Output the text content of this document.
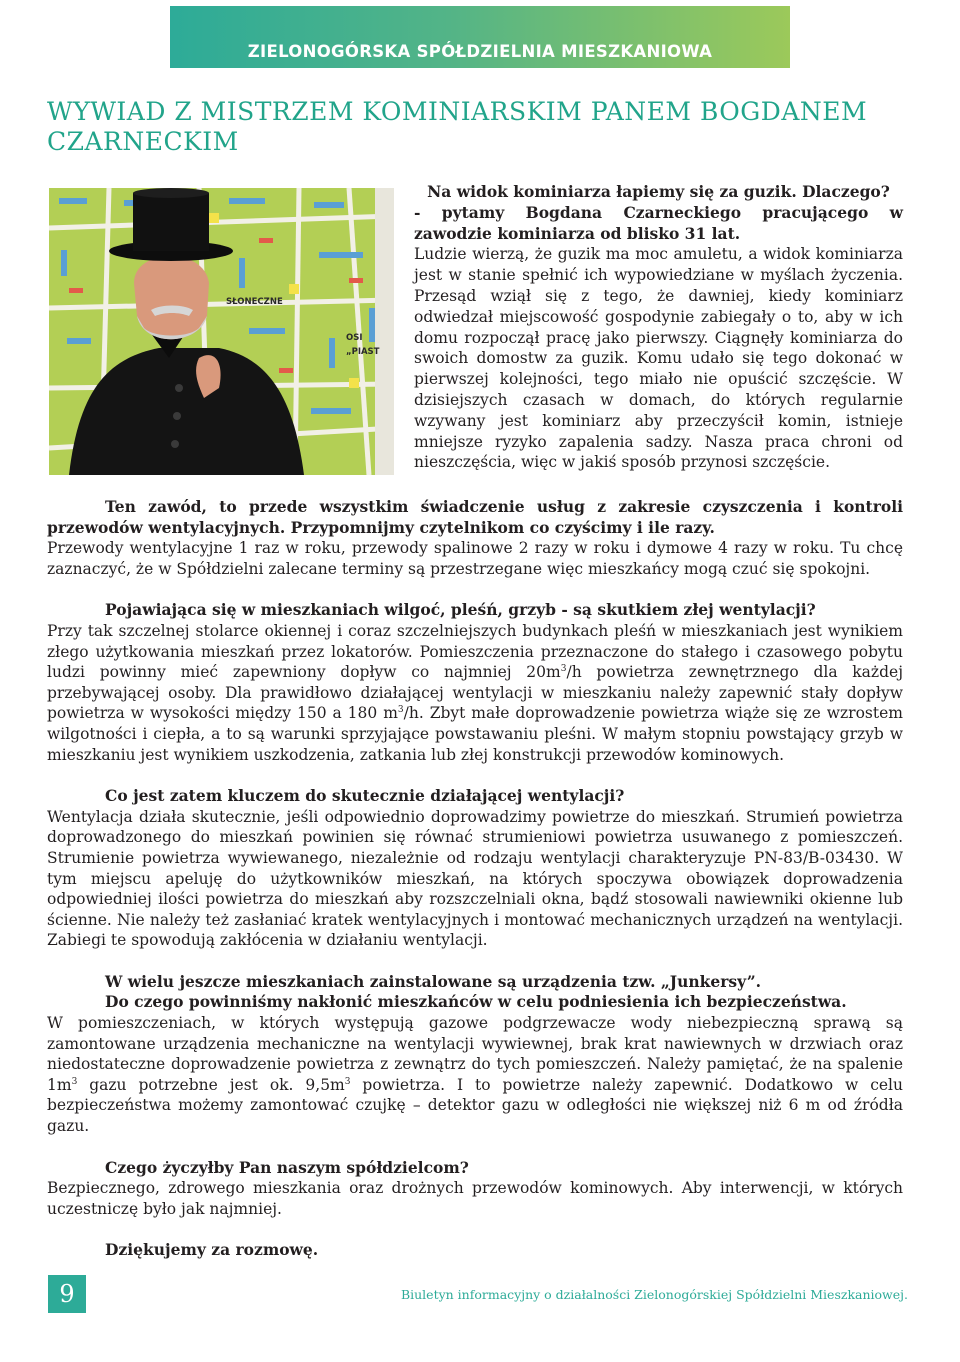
ZIELONOGÓRSKA SPÓŁDZIELNIA MIESZKANIOWA
WYWIAD Z MISTRZEM KOMINIARSKIM PANEM BOGDANEM CZARNECKIM
SŁONECZNE
OSI
„PIAST

Na widok kominiarza łapiemy się za guzik. Dlaczego?

- pytamy Bogdana Czarneckiego pracującego w zawodzie kominiarza od blisko 31 lat.

Ludzie wierzą, że guzik ma moc amuletu, a widok kominiarza jest w stanie spełnić ich wypowiedziane w myślach życzenia. Przesąd wziął się z tego, że dawniej, kiedy kominiarz odwiedzał miejscowość gospodynie zabiegały o to, aby w ich domu rozpoczął pracę jako pierwszy. Ciągnęły kominiarza do swoich domostw za guzik. Komu udało się tego dokonać w pierwszej kolejności, tego miało nie opuścić szczęście. W dzisiejszych czasach w domach, do których regularnie wzywany jest kominiarz aby przeczyścił komin, istnieje mniejsze ryzyko zapalenia sadzy. Nasza praca chroni od nieszczęścia, więc w jakiś sposób przynosi szczęście.

Ten zawód, to przede wszystkim świadczenie usług z zakresie czyszczenia i kontroli przewodów wentylacyjnych. Przypomnijmy czytelnikom co czyścimy i ile razy.

Przewody wentylacyjne 1 raz w roku, przewody spalinowe 2 razy w roku i dymowe 4 razy w roku. Tu chcę zaznaczyć, że w Spółdzielni zalecane terminy są przestrzegane więc mieszkańcy mogą czuć się spokojni.

Pojawiająca się w mieszkaniach wilgoć, pleśń, grzyb - są skutkiem złej wentylacji?

Przy tak szczelnej stolarce okiennej i coraz szczelniejszych budynkach pleśń w mieszkaniach jest wynikiem złego użytkowania mieszkań przez lokatorów. Pomieszczenia przeznaczone do stałego i czasowego pobytu ludzi powinny mieć zapewniony dopływ co najmniej $20m^3/h$ powietrza zewnętrznego dla każdej przebywającej osoby. Dla prawidłowo działającej wentylacji w mieszkaniu należy zapewnić stały dopływ powietrza w wysokości między 150 a 180 $m^3/h$. Zbyt małe doprowadzenie powietrza wiąże się ze wzrostem wilgotności i ciepła, a to są warunki sprzyjające powstawaniu pleśni. W małym stopniu powstający grzyb w mieszkaniu jest wynikiem uszkodzenia, zatkania lub złej konstrukcji przewodów kominowych.

Co jest zatem kluczem do skutecznie działającej wentylacji?

Wentylacja działa skutecznie, jeśli odpowiednio doprowadzimy powietrze do mieszkań. Strumień powietrza doprowadzonego do mieszkań powinien się równać strumieniowi powietrza usuwanego z pomieszczeń. Strumienie powietrza wywiewanego, niezależnie od rodzaju wentylacji charakteryzuje PN-83/B-03430. W tym miejscu apeluję do użytkowników mieszkań, na których spoczywa obowiązek doprowadzenia odpowiedniej ilości powietrza do mieszkań aby rozszczelniali okna, bądź stosowali nawiewniki okienne lub ścienne. Nie należy też zasłaniać kratek wentylacyjnych i montować mechanicznych urządzeń na wentylacji. Zabiegi te spowodują zakłócenia w działaniu wentylacji.

W wielu jeszcze mieszkaniach zainstalowane są urządzenia tzw. „Junkersy”.

Do czego powinniśmy nakłonić mieszkańców w celu podniesienia ich bezpieczeństwa.

W pomieszczeniach, w których występują gazowe podgrzewacze wody niebezpieczną sprawą są zamontowane urządzenia mechaniczne na wentylacji wywiewnej, brak krat nawiewnych w drzwiach oraz niedostateczne doprowadzenie powietrza z zewnątrz do tych pomieszczeń. Należy pamiętać, że na spalenie $1m^3$ gazu potrzebne jest ok. $9,5m^3$ powietrza. I to powietrze należy zapewnić. Dodatkowo w celu bezpieczeństwa możemy zamontować czujkę – detektor gazu w odległości nie większej niż 6 m od źródła gazu.

Czego życzyłby Pan naszym spółdzielcom?

Bezpiecznego, zdrowego mieszkania oraz drożnych przewodów kominowych. Aby interwencji, w których uczestniczę było jak najmniej.

Dziękujemy za rozmowę.

9	Biuletyn informacyjny o działalności Zielonogórskiej Spółdzielni Mieszkaniowej.
